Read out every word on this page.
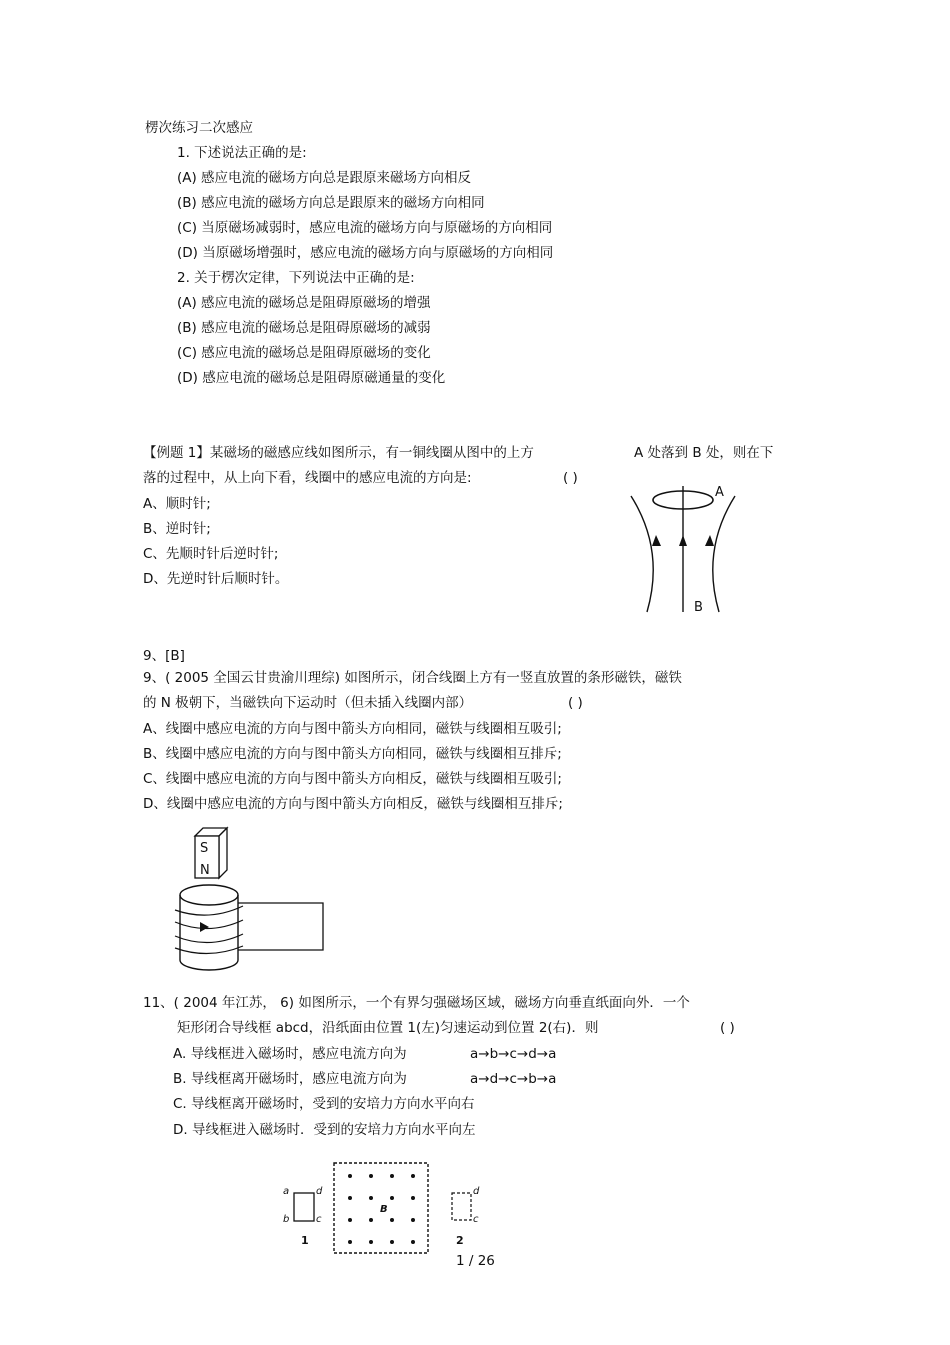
楞次练习二次感应
1. 下述说法正确的是:
(A) 感应电流的磁场方向总是跟原来磁场方向相反
(B) 感应电流的磁场方向总是跟原来的磁场方向相同
(C) 当原磁场减弱时，感应电流的磁场方向与原磁场的方向相同
(D) 当原磁场增强时，感应电流的磁场方向与原磁场的方向相同
2. 关于楞次定律，下列说法中正确的是:
(A) 感应电流的磁场总是阻碍原磁场的增强
(B) 感应电流的磁场总是阻碍原磁场的减弱
(C) 感应电流的磁场总是阻碍原磁场的变化
(D) 感应电流的磁场总是阻碍原磁通量的变化
【例题 1】某磁场的磁感应线如图所示，有一铜线圈从图中的上方	A 处落到 B 处，则在下
落的过程中，从上向下看，线圈中的感应电流的方向是:	( )
A、顺时针;
B、逆时针;
C、先顺时针后逆时针;
D、先逆时针后顺时针。
A
B
9、[B]
9、( 2005 全国云甘贵渝川理综) 如图所示，闭合线圈上方有一竖直放置的条形磁铁，磁铁
的 N 极朝下，当磁铁向下运动时（但未插入线圈内部）	( )
A、线圈中感应电流的方向与图中箭头方向相同，磁铁与线圈相互吸引;
B、线圈中感应电流的方向与图中箭头方向相同，磁铁与线圈相互排斥;
C、线圈中感应电流的方向与图中箭头方向相反，磁铁与线圈相互吸引;
D、线圈中感应电流的方向与图中箭头方向相反，磁铁与线圈相互排斥;
S
N
11、( 2004 年江苏， 6) 如图所示，一个有界匀强磁场区域，磁场方向垂直纸面向外．一个
矩形闭合导线框 abcd，沿纸面由位置 1(左)匀速运动到位置 2(右)．则	( )
A. 导线框进入磁场时，感应电流方向为	a→b→c→d→a
B. 导线框离开磁场时，感应电流方向为	a→d→c→b→a
C. 导线框离开磁场时，受到的安培力方向水平向右
D. 导线框进入磁场时．受到的安培力方向水平向左
a
b	c
d
1
B
d
c
2
1 / 26
